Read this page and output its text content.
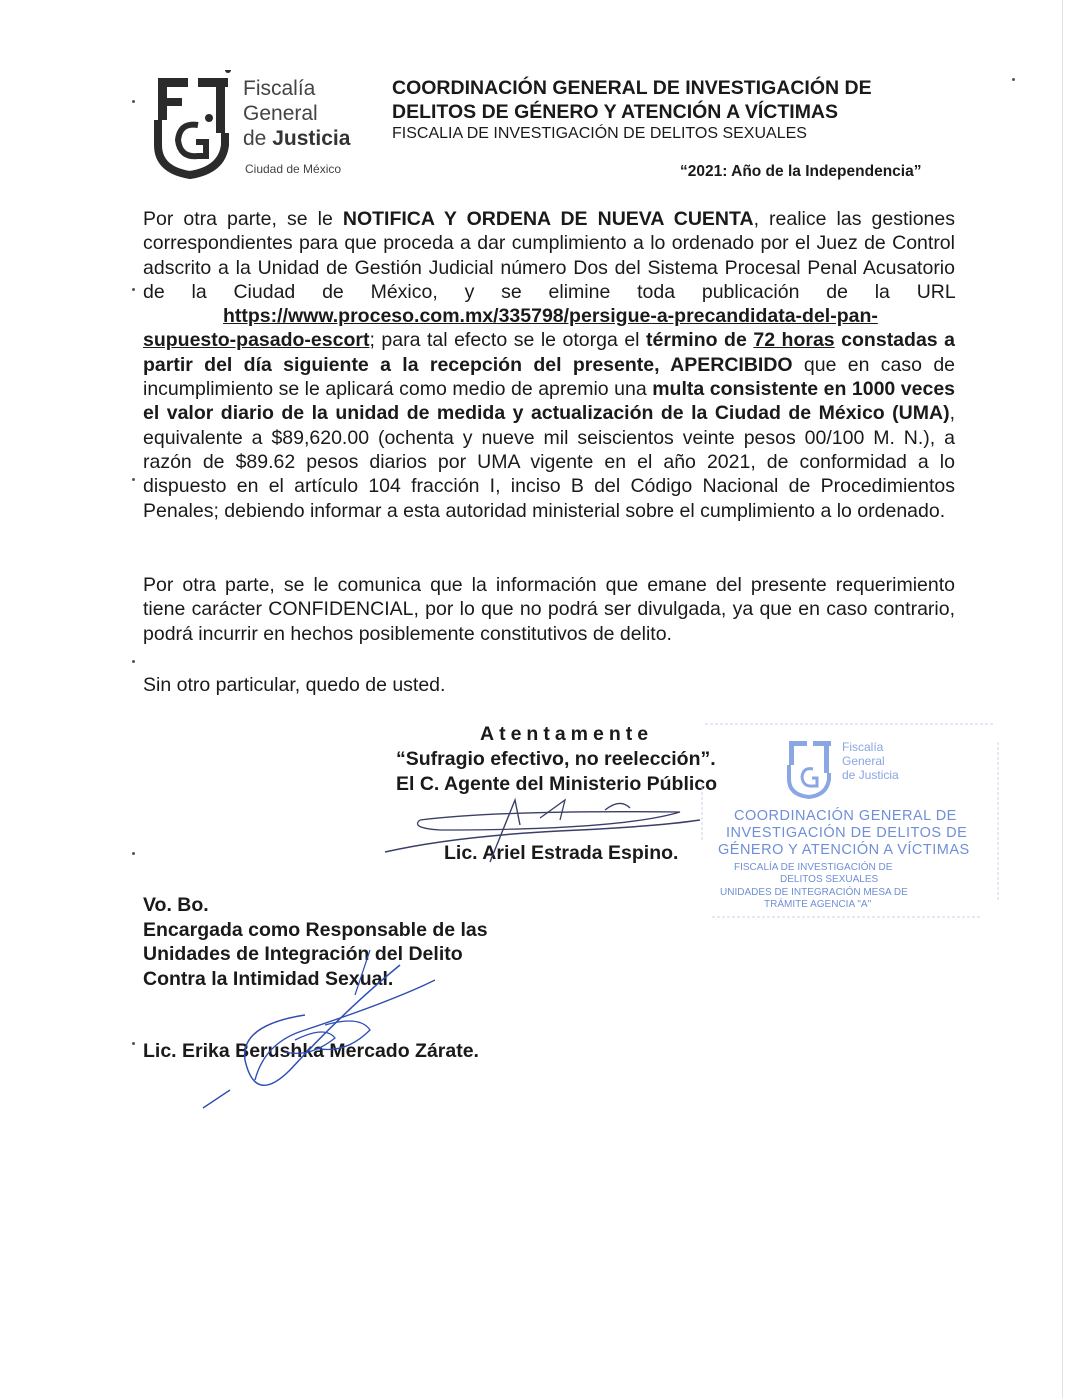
Fiscalía
General
de Justicia
Ciudad de México
COORDINACIÓN GENERAL DE INVESTIGACIÓN DE
DELITOS DE GÉNERO Y ATENCIÓN A VÍCTIMAS
FISCALIA DE INVESTIGACIÓN DE DELITOS SEXUALES
“2021: Año de la Independencia”
Por otra parte, se le NOTIFICA Y ORDENA DE NUEVA CUENTA, realice las gestiones correspondientes para que proceda a dar cumplimiento a lo ordenado por el Juez de Control adscrito a la Unidad de Gestión Judicial número Dos del Sistema Procesal Penal Acusatorio de la Ciudad de México, y se elimine toda publicación de la URL https://www.proceso.com.mx/335798/persigue-a-precandidata-del-pan-supuesto-pasado-escort; para tal efecto se le otorga el término de 72 horas constadas a partir del día siguiente a la recepción del presente, APERCIBIDO que en caso de incumplimiento se le aplicará como medio de apremio una multa consistente en 1000 veces el valor diario de la unidad de medida y actualización de la Ciudad de México (UMA), equivalente a $89,620.00 (ochenta y nueve mil seiscientos veinte pesos 00/100 M. N.), a razón de $89.62 pesos diarios por UMA vigente en el año 2021, de conformidad a lo dispuesto en el artículo 104 fracción I, inciso B del Código Nacional de Procedimientos Penales; debiendo informar a esta autoridad ministerial sobre el cumplimiento a lo ordenado.
Por otra parte, se le comunica que la información que emane del presente requerimiento tiene carácter CONFIDENCIAL, por lo que no podrá ser divulgada, ya que en caso contrario, podrá incurrir en hechos posiblemente constitutivos de delito.
Sin otro particular, quedo de usted.
Atentamente
“Sufragio efectivo, no reelección”.
El C. Agente del Ministerio Público
Lic. Ariel Estrada Espino.
Fiscalía
General
de Justicia
COORDINACIÓN GENERAL DE
INVESTIGACIÓN DE DELITOS DE
GÉNERO Y ATENCIÓN A VÍCTIMAS
FISCALÍA DE INVESTIGACIÓN DE
DELITOS SEXUALES
UNIDADES DE INTEGRACIÓN MESA DE
TRÁMITE AGENCIA "A"
Vo. Bo.
Encargada como Responsable de las
Unidades de Integración del Delito
Contra la Intimidad Sexual.
Lic. Erika Berushka Mercado Zárate.
